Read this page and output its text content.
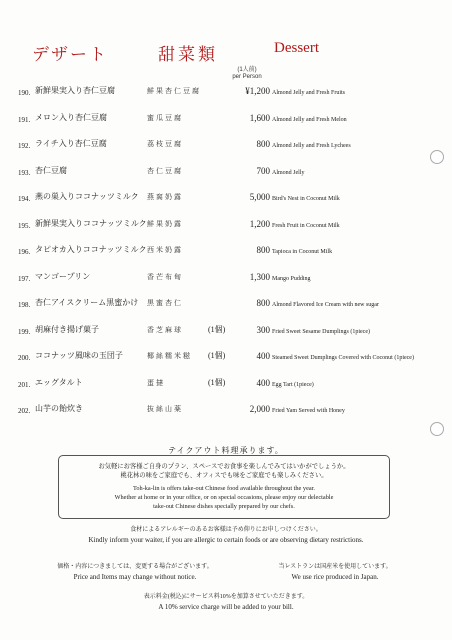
デザート	甜菜類	Dessert
(1人前)
per Person
190. 新鮮果実入り杏仁豆腐	鮮果杏仁豆腐	¥1,200 Almond Jelly and Fresh Fruits
191. メロン入り杏仁豆腐	蜜瓜豆腐	1,600 Almond Jelly and Fresh Melon
192. ライチ入り杏仁豆腐	荔枝豆腐	800 Almond Jelly and Fresh Lychees
193. 杏仁豆腐	杏仁豆腐	700 Almond Jelly
194. 燕の巣入りココナッツミルク 燕窩奶露	5,000 Bird's Nest in Coconut Milk
195. 新鮮果実入りココナッツミルク 鮮果奶露	1,200 Fresh Fruit in Coconut Milk
196. タピオカ入りココナッツミルク 西米奶露	800 Tapioca in Coconut Milk
197. マンゴープリン	香芒布甸	1,300 Mango Pudding
198. 杏仁アイスクリーム黒蜜かけ 黒蜜杏仁	800 Almond Flavored Ice Cream with new sugar
199. 胡麻付き揚げ菓子	香芝麻球	(1個)	300 Fried Sweet Sesame Dumplings (1piece)
200. ココナッツ風味の玉団子	椰絲糯米糍 (1個)	400 Steamed Sweet Dumplings Covered with Coconut (1piece)
201. エッグタルト	蛋撻	(1個)	400 Egg Tart (1piece)
202. 山芋の飴炊き	抜絲山薬	2,000 Fried Yam Served with Honey
テイクアウト料理承ります。
お気軽にお客様ご自身のプラン、スペースでお食事を楽しんでみてはいかがでしょうか。
桃花林の味をご家庭でも、オフィスでも味をご家庭でも楽しみください。
Toh-ka-lin is offers take-out Chinese food available throughout the year.
Whether at home or in your office, or on special occasions, please enjoy our delectable
take-out Chinese dishes specially prepared by our chefs.
食材によるアレルギーのあるお客様は予め仰りにお申しつけください。
Kindly inform your waiter, if you are allergic to certain foods or are observing dietary restrictions.
価格・内容につきましては、変更する場合がございます。
Price and Items may change without notice.
当レストランは国産米を使用しています。
We use rice produced in Japan.
表示料金(税込)にサービス料10%を加算させていただきます。
A 10% service charge will be added to your bill.
